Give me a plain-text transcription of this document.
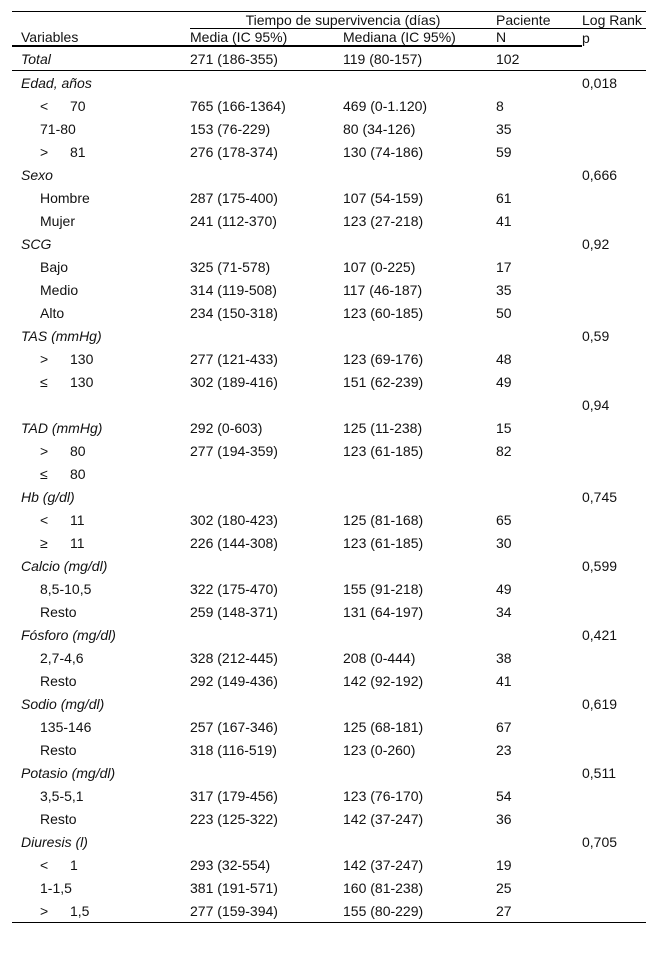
	Tiempo de supervivencia (días)		Paciente	Log Rank
Variables	Media (IC 95%)	Mediana (IC 95%)	N	p
Total	271 (186-355)	119 (80-157)	102	
Edad, años				0,018
< 70	765 (166-1364)	469 (0-1.120)	8	
71-80	153 (76-229)	80 (34-126)	35	
> 81	276 (178-374)	130 (74-186)	59	
Sexo				0,666
Hombre	287 (175-400)	107 (54-159)	61	
Mujer	241 (112-370)	123 (27-218)	41	
SCG				0,92
Bajo	325 (71-578)	107 (0-225)	17	
Medio	314 (119-508)	117 (46-187)	35	
Alto	234 (150-318)	123 (60-185)	50	
TAS (mmHg)				0,59
> 130	277 (121-433)	123 (69-176)	48	
≤ 130	302 (189-416)	151 (62-239)	49	
				0,94
TAD (mmHg)	292 (0-603)	125 (11-238)	15	
> 80	277 (194-359)	123 (61-185)	82	
≤ 80				
Hb (g/dl)				0,745
< 11	302 (180-423)	125 (81-168)	65	
≥ 11	226 (144-308)	123 (61-185)	30	
Calcio (mg/dl)				0,599
8,5-10,5	322 (175-470)	155 (91-218)	49	
Resto	259 (148-371)	131 (64-197)	34	
Fósforo (mg/dl)				0,421
2,7-4,6	328 (212-445)	208 (0-444)	38	
Resto	292 (149-436)	142 (92-192)	41	
Sodio (mg/dl)				0,619
135-146	257 (167-346)	125 (68-181)	67	
Resto	318 (116-519)	123 (0-260)	23	
Potasio (mg/dl)				0,511
3,5-5,1	317 (179-456)	123 (76-170)	54	
Resto	223 (125-322)	142 (37-247)	36	
Diuresis (l)				0,705
< 1	293 (32-554)	142 (37-247)	19	
1-1,5	381 (191-571)	160 (81-238)	25	
> 1,5	277 (159-394)	155 (80-229)	27	
